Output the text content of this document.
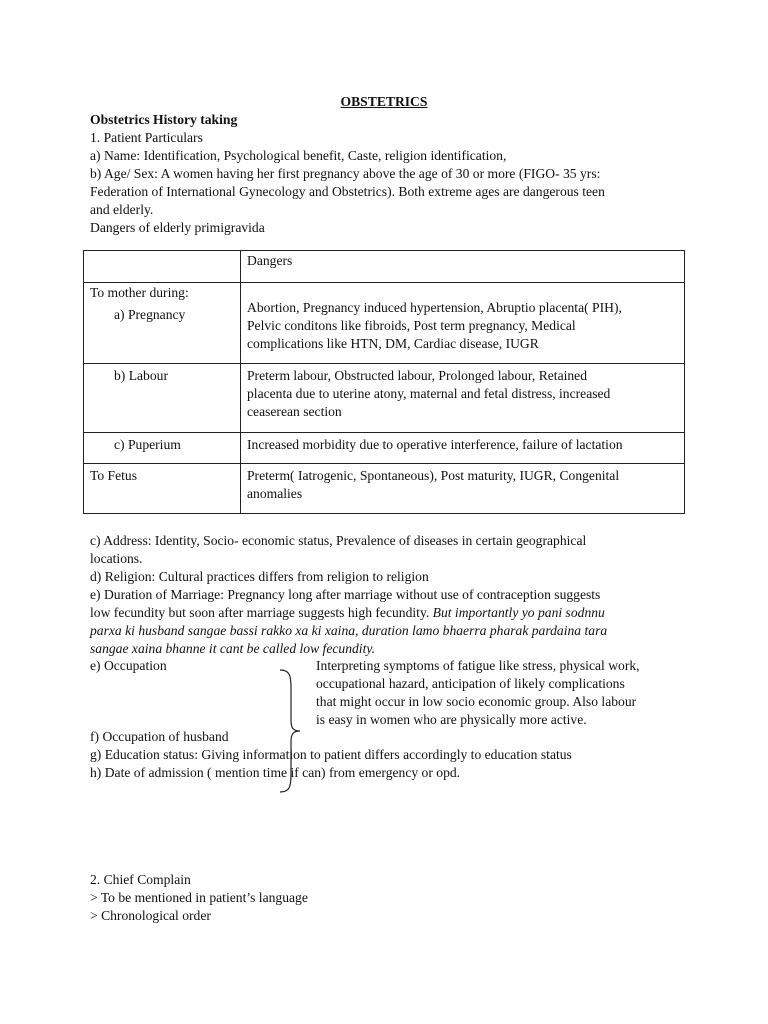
OBSTETRICS
Obstetrics History taking
1. Patient Particulars
a) Name: Identification, Psychological benefit, Caste, religion identification,
b) Age/ Sex: A women having her first pregnancy above the age of 30 or more (FIGO- 35 yrs:
Federation of International Gynecology and Obstetrics). Both extreme ages are dangerous teen
and elderly.
Dangers of elderly primigravida
	Dangers

To mother during:
a) Pregnancy	Abortion, Pregnancy induced hypertension, Abruptio placenta( PIH),
Pelvic conditons like fibroids, Post term pregnancy, Medical
complications like HTN, DM, Cardiac disease, IUGR

b) Labour	Preterm labour, Obstructed labour, Prolonged labour, Retained
placenta due to uterine atony, maternal and fetal distress, increased
ceaserean section

c) Puperium	Increased morbidity due to operative interference, failure of lactation
To Fetus	Preterm( Iatrogenic, Spontaneous), Post maturity, IUGR, Congenital
anomalies
c) Address: Identity, Socio- economic status, Prevalence of diseases in certain geographical
locations.
d) Religion: Cultural practices differs from religion to religion
e) Duration of Marriage: Pregnancy long after marriage without use of contraception suggests
low fecundity but soon after marriage suggests high fecundity. But importantly yo pani sodnnu
parxa ki husband sangae bassi rakko xa ki xaina, duration lamo bhaerra pharak pardaina tara
sangae xaina bhanne it cant be called low fecundity.
e) Occupation	Interpreting symptoms of fatigue like stress, physical work,
occupational hazard, anticipation of likely complications
that might occur in low socio economic group. Also labour
is easy in women who are physically more active.
f) Occupation of husband
g) Education status: Giving information to patient differs accordingly to education status
h) Date of admission ( mention time if can) from emergency or opd.
2. Chief Complain
> To be mentioned in patient’s language
> Chronological order
